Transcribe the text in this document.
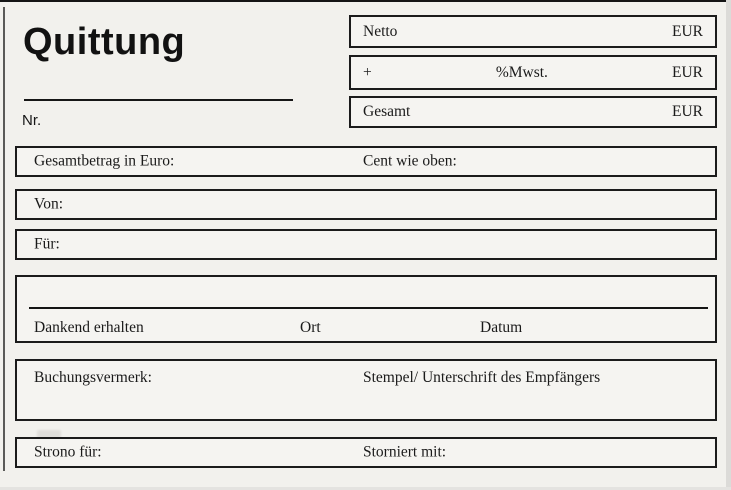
Quittung
Nr.
Netto	EUR
+	%Mwst.	EUR
Gesamt	EUR
Gesamtbetrag in Euro:	Cent wie oben:
Von:
Für:
Dankend erhalten	Ort	Datum
Buchungsvermerk:	Stempel/ Unterschrift des Empfängers
Strono für:	Storniert mit:
